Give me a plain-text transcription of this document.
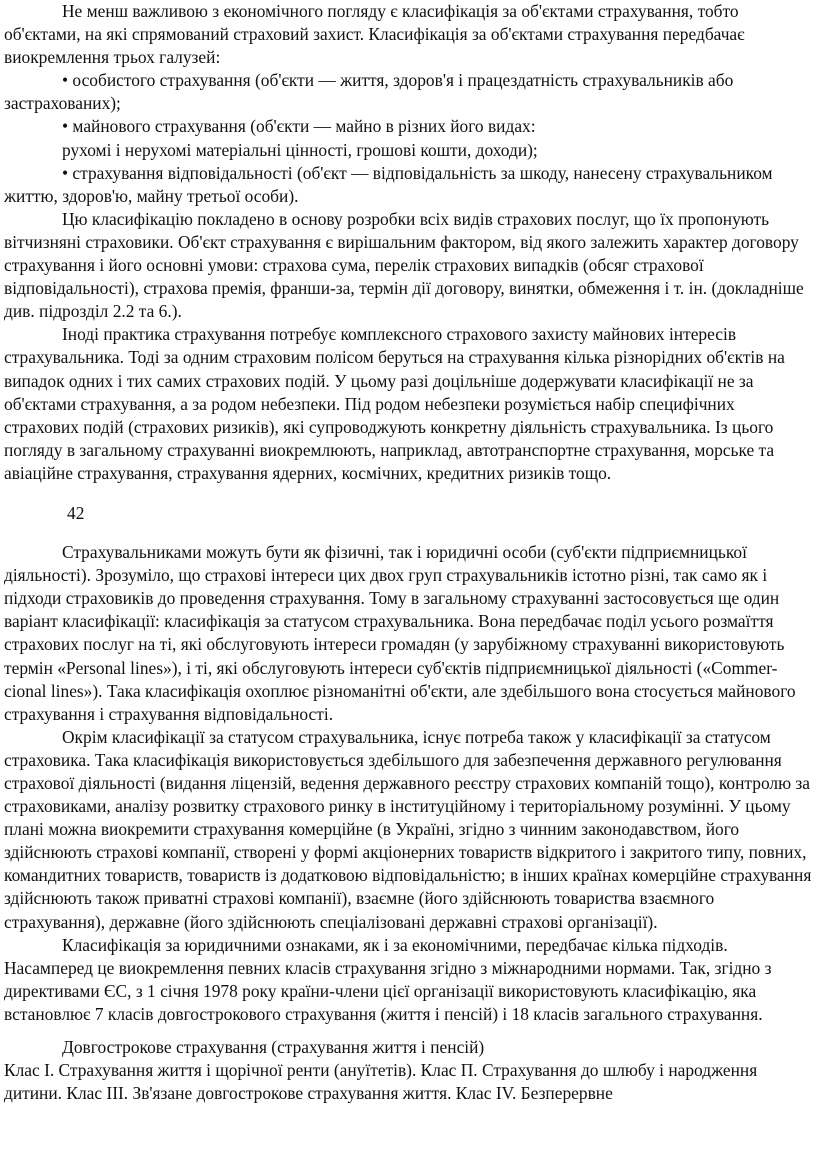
Не менш важливою з економічного погляду є класифікація за об'єктами страхування, тобто об'єктами, на які спрямований страховий захист. Класифікація за об'єктами страхування передбачає виокремлення трьох галузей:

• особистого страхування (об'єкти — життя, здоров'я і працездатність страхувальників або застрахованих);

• майнового страхування (об'єкти — майно в різних його видах:

рухомі і нерухомі матеріальні цінності, грошові кошти, доходи);

• страхування відповідальності (об'єкт — відповідальність за шкоду, нанесену страхувальником життю, здоров'ю, майну третьої особи).

Цю класифікацію покладено в основу розробки всіх видів страхових послуг, що їх пропонують вітчизняні страховики. Об'єкт страхування є вирішальним фактором, від якого залежить характер договору страхування і його основні умови: страхова сума, перелік страхових випадків (обсяг страхової відповідальності), страхова премія, франши-за, термін дії договору, винятки, обмеження і т. ін. (докладніше див. підрозділ 2.2 та 6.).

Іноді практика страхування потребує комплексного страхового захисту майнових інтересів страхувальника. Тоді за одним страховим полісом беруться на страхування кілька різнорідних об'єктів на випадок одних і тих самих страхових подій. У цьому разі доцільніше додержувати класифікації не за об'єктами страхування, а за родом небезпеки. Під родом небезпеки розуміється набір специфічних страхових подій (страхових ризиків), які супроводжують конкретну діяльність страхувальника. Із цього погляду в загальному страхуванні виокремлюють, наприклад, автотранспортне страхування, морське та авіаційне страхування, страхування ядерних, космічних, кредитних ризиків тощо.

42

Страхувальниками можуть бути як фізичні, так і юридичні особи (суб'єкти підприємницької діяльності). Зрозуміло, що страхові інтереси цих двох груп страхувальників істотно різні, так само як і підходи страховиків до проведення страхування. Тому в загальному страхуванні застосовується ще один варіант класифікації: класифікація за статусом страхувальника. Вона передбачає поділ усього розмаїття страхових послуг на ті, які обслуговують інтереси громадян (у зарубіжному страхуванні використовують термін «Personal lines»), і ті, які обслуговують інтереси суб'єктів підприємницької діяльності («Commer-cional lines»). Така класифікація охоплює різноманітні об'єкти, але здебільшого вона стосується майнового страхування і страхування відповідальності.

Окрім класифікації за статусом страхувальника, існує потреба також у класифікації за статусом страховика. Така класифікація використовується здебільшого для забезпечення державного регулювання страхової діяльності (видання ліцензій, ведення державного реєстру страхових компаній тощо), контролю за страховиками, аналізу розвитку страхового ринку в інституційному і територіальному розумінні. У цьому плані можна виокремити страхування комерційне (в Україні, згідно з чинним законодавством, його здійснюють страхові компанії, створені у формі акціонерних товариств відкритого і закритого типу, повних, командитних товариств, товариств із додатковою відповідальністю; в інших країнах комерційне страхування здійснюють також приватні страхові компанії), взаємне (його здійснюють товариства взаємного страхування), державне (його здійснюють спеціалізовані державні страхові організації).

Класифікація за юридичними ознаками, як і за економічними, передбачає кілька підходів. Насамперед це виокремлення певних класів страхування згідно з міжнародними нормами. Так, згідно з директивами ЄС, з 1 січня 1978 року країни-члени цієї організації використовують класифікацію, яка встановлює 7 класів довгострокового страхування (життя і пенсій) і 18 класів загального страхування.

Довгострокове страхування (страхування життя і пенсій)

Клас І. Страхування життя і щорічної ренти (ануїтетів). Клас П. Страхування до шлюбу і народження дитини. Клас III. Зв'язане довгострокове страхування життя. Клас IV. Безперервне
